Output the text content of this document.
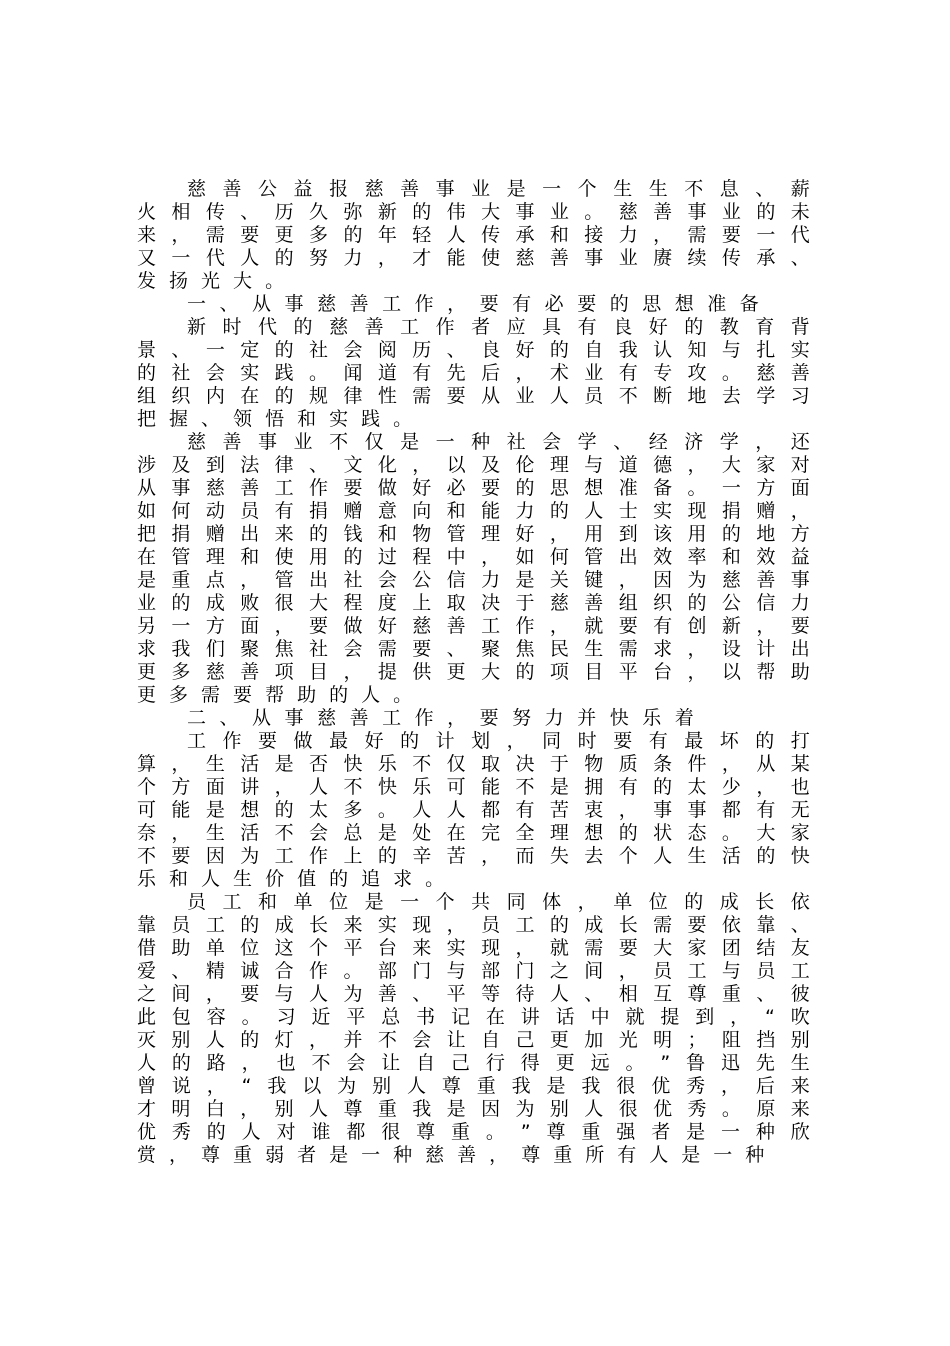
慈 善 公 益 报 慈 善 事 业 是 一 个 生 生 不 息 、 薪
火 相 传 、 历 久 弥 新 的 伟 大 事 业 。 慈 善 事 业 的 未
来 ， 需 要 更 多 的 年 轻 人 传 承 和 接 力 ， 需 要 一 代
又 一 代 人 的 努 力 ， 才 能 使 慈 善 事 业 赓 续 传 承 、
发 扬 光 大 。
一 、 从 事 慈 善 工 作 ， 要 有 必 要 的 思 想 准 备
新 时 代 的 慈 善 工 作 者 应 具 有 良 好 的 教 育 背
景 、 一 定 的 社 会 阅 历 、 良 好 的 自 我 认 知 与 扎 实
的 社 会 实 践 。 闻 道 有 先 后 ， 术 业 有 专 攻 。 慈 善
组 织 内 在 的 规 律 性 需 要 从 业 人 员 不 断 地 去 学 习
把 握 、 领 悟 和 实 践 。
慈 善 事 业 不 仅 是 一 种 社 会 学 、 经 济 学 ， 还
涉 及 到 法 律 、 文 化 ， 以 及 伦 理 与 道 德 ， 大 家 对
从 事 慈 善 工 作 要 做 好 必 要 的 思 想 准 备 。 一 方 面
如 何 动 员 有 捐 赠 意 向 和 能 力 的 人 士 实 现 捐 赠 ，
把 捐 赠 出 来 的 钱 和 物 管 理 好 ， 用 到 该 用 的 地 方
在 管 理 和 使 用 的 过 程 中 ， 如 何 管 出 效 率 和 效 益
是 重 点 ， 管 出 社 会 公 信 力 是 关 键 ， 因 为 慈 善 事
业 的 成 败 很 大 程 度 上 取 决 于 慈 善 组 织 的 公 信 力
另 一 方 面 ， 要 做 好 慈 善 工 作 ， 就 要 有 创 新 ， 要
求 我 们 聚 焦 社 会 需 要 、 聚 焦 民 生 需 求 ， 设 计 出
更 多 慈 善 项 目 ， 提 供 更 大 的 项 目 平 台 ， 以 帮 助
更 多 需 要 帮 助 的 人 。
二 、 从 事 慈 善 工 作 ， 要 努 力 并 快 乐 着
工 作 要 做 最 好 的 计 划 ， 同 时 要 有 最 坏 的 打
算 ， 生 活 是 否 快 乐 不 仅 取 决 于 物 质 条 件 ， 从 某
个 方 面 讲 ， 人 不 快 乐 可 能 不 是 拥 有 的 太 少 ， 也
可 能 是 想 的 太 多 。 人 人 都 有 苦 衷 ， 事 事 都 有 无
奈 ， 生 活 不 会 总 是 处 在 完 全 理 想 的 状 态 。 大 家
不 要 因 为 工 作 上 的 辛 苦 ， 而 失 去 个 人 生 活 的 快
乐 和 人 生 价 值 的 追 求 。
员 工 和 单 位 是 一 个 共 同 体 ， 单 位 的 成 长 依
靠 员 工 的 成 长 来 实 现 ， 员 工 的 成 长 需 要 依 靠 、
借 助 单 位 这 个 平 台 来 实 现 ， 就 需 要 大 家 团 结 友
爱 、 精 诚 合 作 。 部 门 与 部 门 之 间 ， 员 工 与 员 工
之 间 ， 要 与 人 为 善 、 平 等 待 人 、 相 互 尊 重 、 彼
此 包 容 。 习 近 平 总 书 记 在 讲 话 中 就 提 到 ， “ 吹
灭 别 人 的 灯 ， 并 不 会 让 自 己 更 加 光 明 ； 阻 挡 别
人 的 路 ， 也 不 会 让 自 己 行 得 更 远 。 ” 鲁 迅 先 生
曾 说 ， “ 我 以 为 别 人 尊 重 我 是 我 很 优 秀 ， 后 来
才 明 白 ， 别 人 尊 重 我 是 因 为 别 人 很 优 秀 。 原 来
优 秀 的 人 对 谁 都 很 尊 重 。 ” 尊 重 强 者 是 一 种 欣
赏 ， 尊 重 弱 者 是 一 种 慈 善 ， 尊 重 所 有 人 是 一 种
